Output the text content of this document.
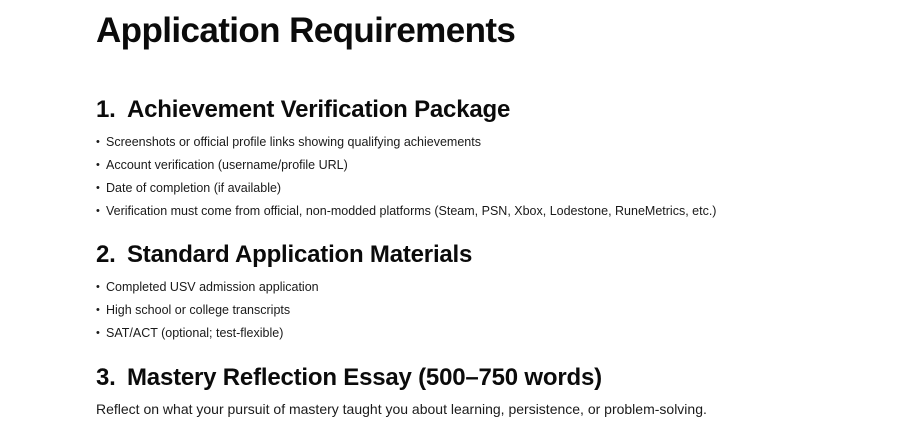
Application Requirements
1. Achievement Verification Package
• Screenshots or official profile links showing qualifying achievements
• Account verification (username/profile URL)
• Date of completion (if available)
• Verification must come from official, non-modded platforms (Steam, PSN, Xbox, Lodestone, RuneMetrics, etc.)
2. Standard Application Materials
• Completed USV admission application
• High school or college transcripts
• SAT/ACT (optional; test-flexible)
3. Mastery Reflection Essay (500–750 words)

Reflect on what your pursuit of mastery taught you about learning, persistence, or problem-solving.
